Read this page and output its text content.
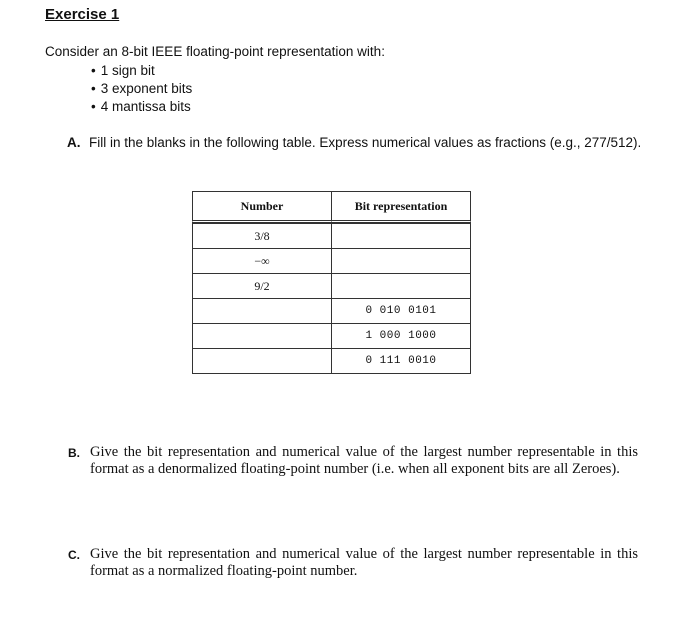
Exercise 1
Consider an 8-bit IEEE floating-point representation with:
• 1 sign bit
• 3 exponent bits
• 4 mantissa bits
A. Fill in the blanks in the following table. Express numerical values as fractions (e.g., 277/512).
Number	Bit representation
3/8	
−∞	
9/2	
	0 010 0101
	1 000 1000
	0 111 0010
B. Give the bit representation and numerical value of the largest number representable in this format as a denormalized floating-point number (i.e. when all exponent bits are all Zeroes).
C. Give the bit representation and numerical value of the largest number representable in this format as a normalized floating-point number.
